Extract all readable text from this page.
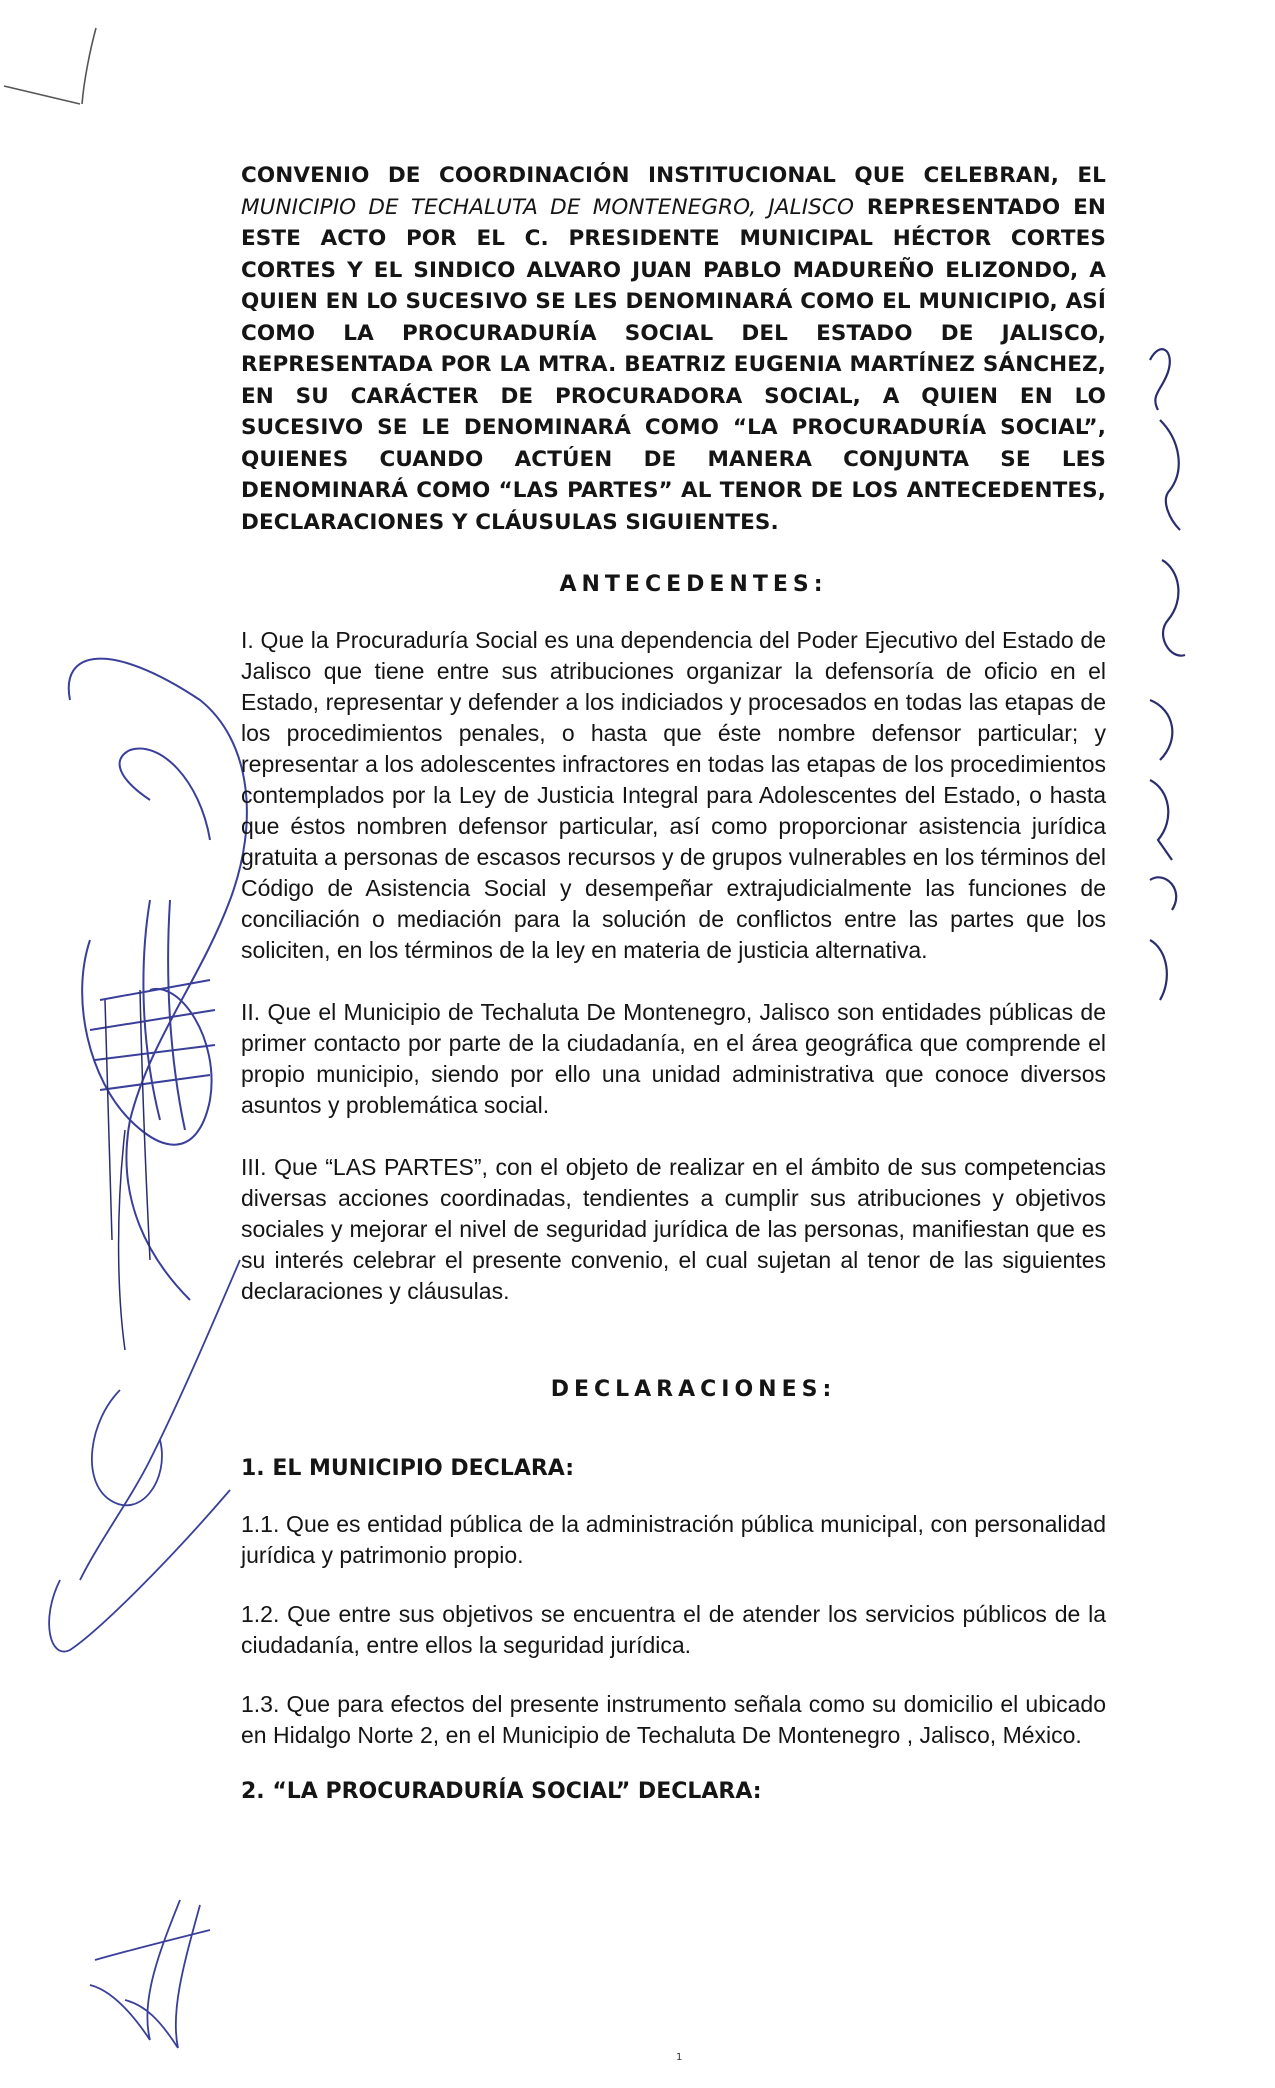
CONVENIO DE COORDINACIÓN INSTITUCIONAL QUE CELEBRAN, EL MUNICIPIO DE TECHALUTA DE MONTENEGRO, JALISCO REPRESENTADO EN ESTE ACTO POR EL C. PRESIDENTE MUNICIPAL HÉCTOR CORTES CORTES Y EL SINDICO ALVARO JUAN PABLO MADUREÑO ELIZONDO, A QUIEN EN LO SUCESIVO SE LES DENOMINARÁ COMO EL MUNICIPIO, ASÍ COMO LA PROCURADURÍA SOCIAL DEL ESTADO DE JALISCO, REPRESENTADA POR LA MTRA. BEATRIZ EUGENIA MARTÍNEZ SÁNCHEZ, EN SU CARÁCTER DE PROCURADORA SOCIAL, A QUIEN EN LO SUCESIVO SE LE DENOMINARÁ COMO “LA PROCURADURÍA SOCIAL”, QUIENES CUANDO ACTÚEN DE MANERA CONJUNTA SE LES DENOMINARÁ COMO “LAS PARTES” AL TENOR DE LOS ANTECEDENTES, DECLARACIONES Y CLÁUSULAS SIGUIENTES.

ANTECEDENTES:

I. Que la Procuraduría Social es una dependencia del Poder Ejecutivo del Estado de Jalisco que tiene entre sus atribuciones organizar la defensoría de oficio en el Estado, representar y defender a los indiciados y procesados en todas las etapas de los procedimientos penales, o hasta que éste nombre defensor particular; y representar a los adolescentes infractores en todas las etapas de los procedimientos contemplados por la Ley de Justicia Integral para Adolescentes del Estado, o hasta que éstos nombren defensor particular, así como proporcionar asistencia jurídica gratuita a personas de escasos recursos y de grupos vulnerables en los términos del Código de Asistencia Social y desempeñar extrajudicialmente las funciones de conciliación o mediación para la solución de conflictos entre las partes que los soliciten, en los términos de la ley en materia de justicia alternativa.

II. Que el Municipio de Techaluta De Montenegro, Jalisco son entidades públicas de primer contacto por parte de la ciudadanía, en el área geográfica que comprende el propio municipio, siendo por ello una unidad administrativa que conoce diversos asuntos y problemática social.

III. Que “LAS PARTES”, con el objeto de realizar en el ámbito de sus competencias diversas acciones coordinadas, tendientes a cumplir sus atribuciones y objetivos sociales y mejorar el nivel de seguridad jurídica de las personas, manifiestan que es su interés celebrar el presente convenio, el cual sujetan al tenor de las siguientes declaraciones y cláusulas.

DECLARACIONES:

1. EL MUNICIPIO DECLARA:

1.1. Que es entidad pública de la administración pública municipal, con personalidad jurídica y patrimonio propio.

1.2. Que entre sus objetivos se encuentra el de atender los servicios públicos de la ciudadanía, entre ellos la seguridad jurídica.

1.3. Que para efectos del presente instrumento señala como su domicilio el ubicado en Hidalgo Norte 2, en el Municipio de Techaluta De Montenegro , Jalisco, México.

2. “LA PROCURADURÍA SOCIAL” DECLARA:

1
